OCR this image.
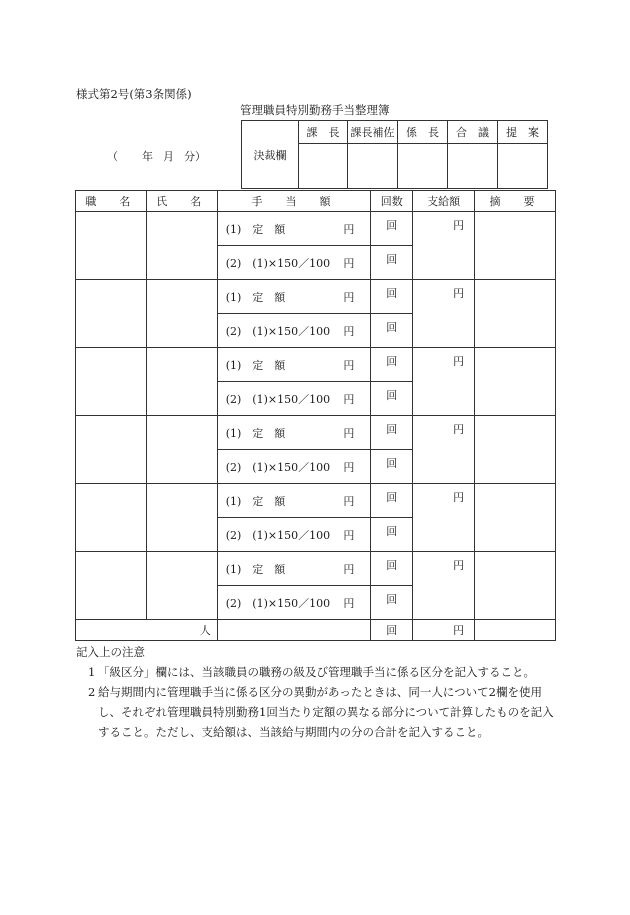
様式第2号(第3条関係)
管理職員特別勤務手当整理簿
（ 年 月 分）	決裁欄	課　長	課長補佐	係　長	合　議	提　案

職　名	氏　名	手　当　額	回数	支給額	摘　要
		(1)　定　額 円	回	円	

		(2)　(1)×150／100 円	回		

		(1)　定　額 円	回	円	

		(2)　(1)×150／100 円	回		

		(1)　定　額 円	回	円	

		(2)　(1)×150／100 円	回		

		(1)　定　額 円	回	円	

		(2)　(1)×150／100 円	回		

		(1)　定　額 円	回	円	

		(2)　(1)×150／100 円	回		

		(1)　定　額 円	回	円	

		(2)　(1)×150／100 円	回		

人			回	円	
記入上の注意
1 「級区分」欄には、当該職員の職務の級及び管理職手当に係る区分を記入すること。
2 給与期間内に管理職手当に係る区分の異動があったときは、同一人について2欄を使用し、それぞれ管理職員特別勤務1回当たり定額の異なる部分について計算したものを記入すること。ただし、支給額は、当該給与期間内の分の合計を記入すること。
